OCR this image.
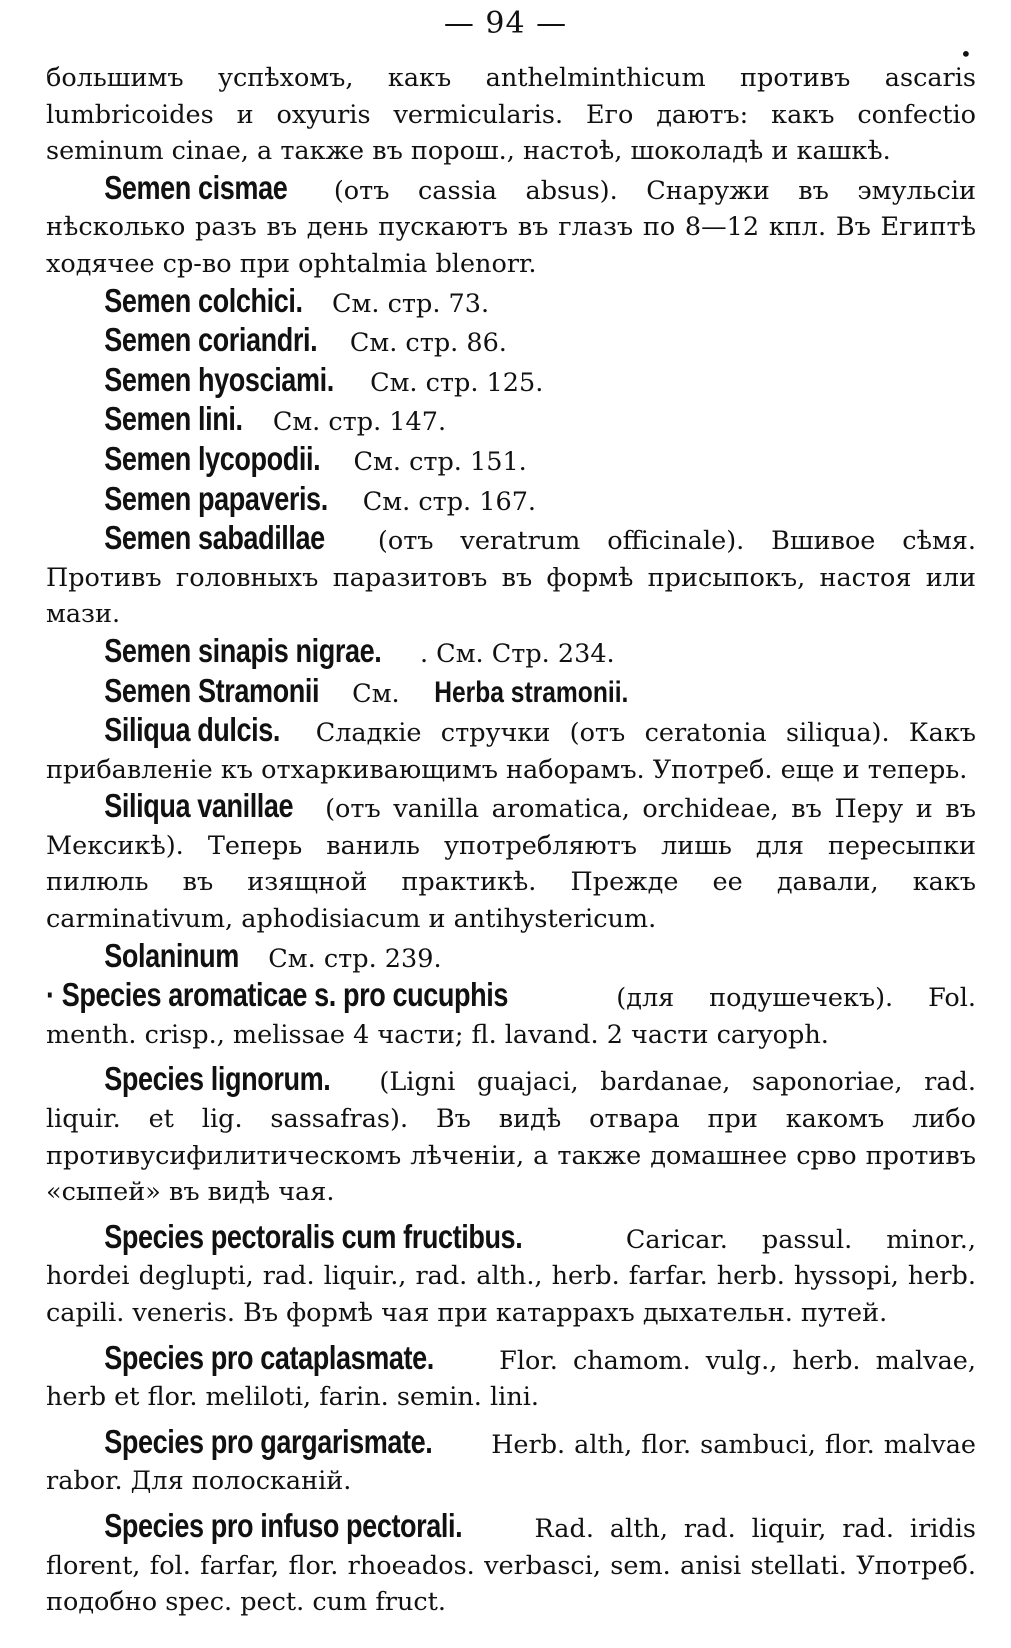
— 94 —
•

большимъ успѣхомъ, какъ anthelminthicum противъ ascaris lumbricoides и oxyuris vermicularis. Его даютъ: какъ confectio seminum cinae, а также въ порош., настоѣ, шоколадѣ и кашкѣ.

Semen cismae (отъ cassia absus). Снаружи въ эмульсiи нѣсколько разъ въ день пускаютъ въ глазъ по 8—12 кпл. Въ Египтѣ ходячее ср-во при ophtalmia blenorr.

Semen colchici. См. стр. 73.

Semen coriandri. См. стр. 86.

Semen hyosciami. См. стр. 125.

Semen lini. См. стр. 147.

Semen lycopodii. См. стр. 151.

Semen papaveris. См. стр. 167.

Semen sabadillae (отъ veratrum officinale). Вшивое сѣмя. Противъ головныхъ паразитовъ въ формѣ присыпокъ, настоя или мази.

Semen sinapis nigrae. . См. Стр. 234.

Semen Stramonii См. Herba stramonii.

Siliqua dulcis. Сладкiе стручки (отъ ceratonia siliqua). Какъ прибавленiе къ отхаркивающимъ наборамъ. Употреб. еще и теперь.

Siliqua vanillae (отъ vanilla aromatica, orchideae, въ Перу и въ Мексикѣ). Теперь ваниль употребляютъ лишь для пересыпки пилюль въ изящной практикѣ. Прежде ее давали, какъ carminativum, aphodisiacum и antihystericum.

Solaninum См. стр. 239.

· Species aromaticae s. pro cucuphis	(для подушечекъ). Fol. menth. crisp., melissae 4 части; fl. lavand. 2 части caryoph.

Species lignorum. (Ligni guajaci, bardanae, saponoriae, rad. liquir. et lig. sassafras). Въ видѣ отвара при какомъ либо противусифилитическомъ лѣченiи, а также домашнее срво противъ «сыпей» въ видѣ чая.

Species pectoralis cum fructibus.	Caricar. passul. minor., hordei deglupti, rad. liquir., rad. alth., herb. farfar. herb. hyssopi, herb. capili. veneris. Въ формѣ чая при катаррахъ дыхательн. путей.

Species pro cataplasmate. Flor. chamom. vulg., herb. malvae, herb et flor. meliloti, farin. semin. lini.

Species pro gargarismate. Herb. alth, flor. sambuci, flor. malvae rabor. Для полосканiй.

Species pro infuso pectorali. Rad. alth, rad. liquir, rad. iridis florent, fol. farfar, flor. rhoeados. verbasci, sem. anisi stellati. Употреб. подобно spec. pect. cum fruct.
